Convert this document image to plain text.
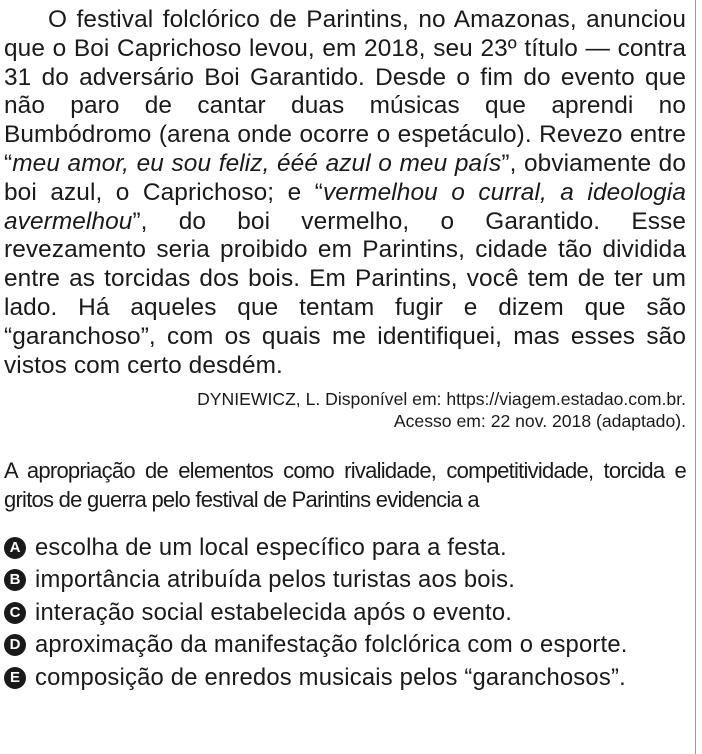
O festival folclórico de Parintins, no Amazonas, anunciou que o Boi Caprichoso levou, em 2018, seu 23º título — contra 31 do adversário Boi Garantido. Desde o fim do evento que não paro de cantar duas músicas que aprendi no Bumbódromo (arena onde ocorre o espetáculo). Revezo entre “meu amor, eu sou feliz, ééé azul o meu país”, obviamente do boi azul, o Caprichoso; e “vermelhou o curral, a ideologia avermelhou”, do boi vermelho, o Garantido. Esse revezamento seria proibido em Parintins, cidade tão dividida entre as torcidas dos bois. Em Parintins, você tem de ter um lado. Há aqueles que tentam fugir e dizem que são “garanchoso”, com os quais me identifiquei, mas esses são vistos com certo desdém.

DYNIEWICZ, L. Disponível em: https://viagem.estadao.com.br.
Acesso em: 22 nov. 2018 (adaptado).
A apropriação de elementos como rivalidade, competitividade, torcida e gritos de guerra pelo festival de Parintins evidencia a
A escolha de um local específico para a festa.
B importância atribuída pelos turistas aos bois.
C interação social estabelecida após o evento.
D aproximação da manifestação folclórica com o esporte.
E composição de enredos musicais pelos “garanchosos”.
